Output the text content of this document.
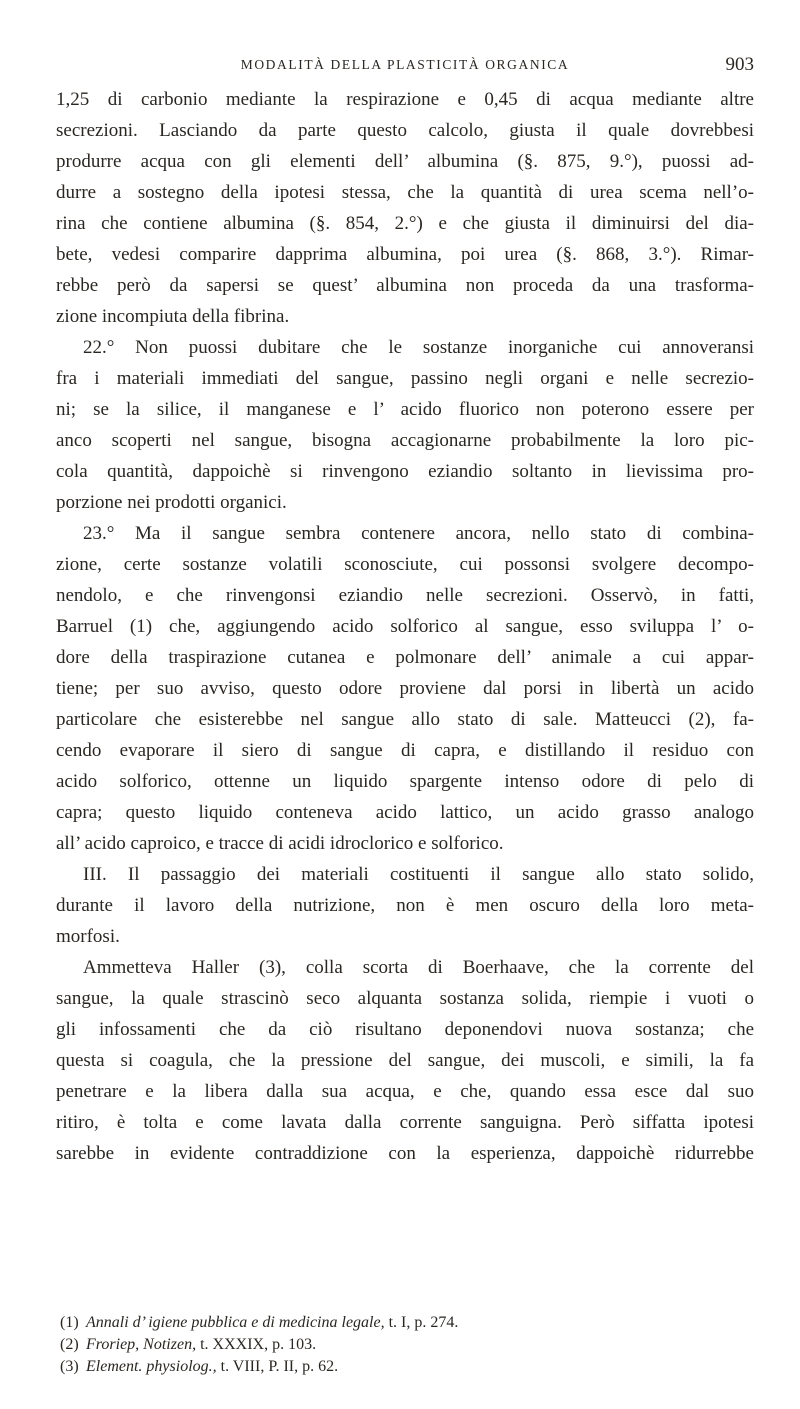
MODALITÀ DELLA PLASTICITÀ ORGANICA	903
1,25 di carbonio mediante la respirazione e 0,45 di acqua mediante altre
secrezioni. Lasciando da parte questo calcolo, giusta il quale dovrebbesi
produrre acqua con gli elementi dell’ albumina (§. 875, 9.°), puossi ad-
durre a sostegno della ipotesi stessa, che la quantità di urea scema nell’o-
rina che contiene albumina (§. 854, 2.°) e che giusta il diminuirsi del dia-
bete, vedesi comparire dapprima albumina, poi urea (§. 868, 3.°). Rimar-
rebbe però da sapersi se quest’ albumina non proceda da una trasforma-
zione incompiuta della fibrina.
22.° Non puossi dubitare che le sostanze inorganiche cui annoveransi
fra i materiali immediati del sangue, passino negli organi e nelle secrezio-
ni; se la silice, il manganese e l’ acido fluorico non poterono essere per
anco scoperti nel sangue, bisogna accagionarne probabilmente la loro pic-
cola quantità, dappoichè si rinvengono eziandio soltanto in lievissima pro-
porzione nei prodotti organici.
23.° Ma il sangue sembra contenere ancora, nello stato di combina-
zione, certe sostanze volatili sconosciute, cui possonsi svolgere decompo-
nendolo, e che rinvengonsi eziandio nelle secrezioni. Osservò, in fatti,
Barruel (1) che, aggiungendo acido solforico al sangue, esso sviluppa l’ o-
dore della traspirazione cutanea e polmonare dell’ animale a cui appar-
tiene; per suo avviso, questo odore proviene dal porsi in libertà un acido
particolare che esisterebbe nel sangue allo stato di sale. Matteucci (2), fa-
cendo evaporare il siero di sangue di capra, e distillando il residuo con
acido solforico, ottenne un liquido spargente intenso odore di pelo di
capra; questo liquido conteneva acido lattico, un acido grasso analogo
all’ acido caproico, e tracce di acidi idroclorico e solforico.
III. Il passaggio dei materiali costituenti il sangue allo stato solido,
durante il lavoro della nutrizione, non è men oscuro della loro meta-
morfosi.
Ammetteva Haller (3), colla scorta di Boerhaave, che la corrente del
sangue, la quale strascinò seco alquanta sostanza solida, riempie i vuoti o
gli infossamenti che da ciò risultano deponendovi nuova sostanza; che
questa si coagula, che la pressione del sangue, dei muscoli, e simili, la fa
penetrare e la libera dalla sua acqua, e che, quando essa esce dal suo
ritiro, è tolta e come lavata dalla corrente sanguigna. Però siffatta ipotesi
sarebbe in evidente contraddizione con la esperienza, dappoichè ridurrebbe
(1) Annali d’ igiene pubblica e di medicina legale, t. I, p. 274.
(2) Froriep, Notizen, t. XXXIX, p. 103.
(3) Element. physiolog., t. VIII, P. II, p. 62.
